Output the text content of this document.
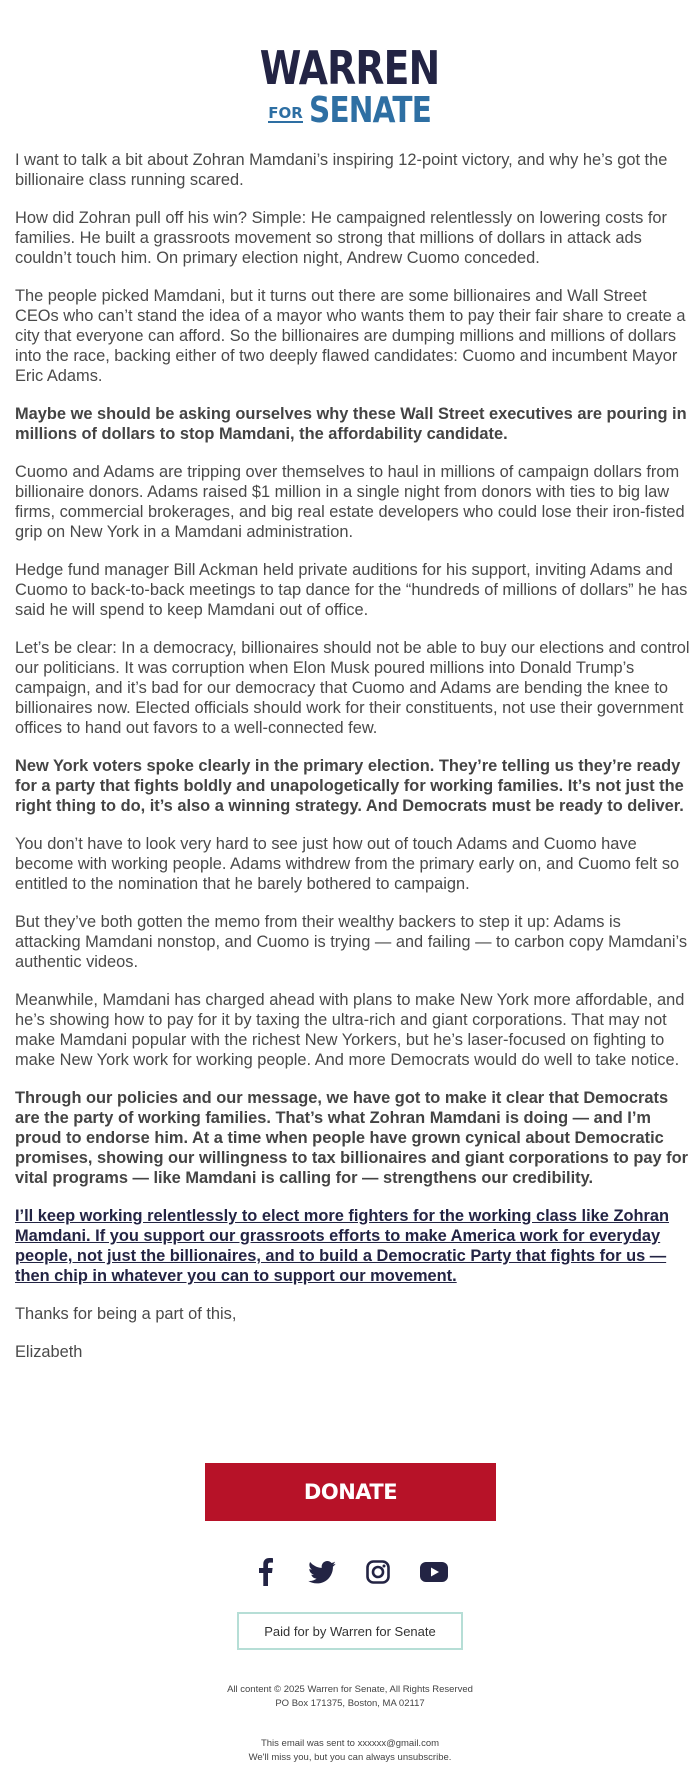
WARREN
FOR SENATE

I want to talk a bit about Zohran Mamdani’s inspiring 12-point victory, and why he’s got the billionaire class running scared.

How did Zohran pull off his win? Simple: He campaigned relentlessly on lowering costs for families. He built a grassroots movement so strong that millions of dollars in attack ads couldn’t touch him. On primary election night, Andrew Cuomo conceded.

The people picked Mamdani, but it turns out there are some billionaires and Wall Street CEOs who can’t stand the idea of a mayor who wants them to pay their fair share to create a city that everyone can afford. So the billionaires are dumping millions and millions of dollars into the race, backing either of two deeply flawed candidates: Cuomo and incumbent Mayor Eric Adams.

Maybe we should be asking ourselves why these Wall Street executives are pouring in millions of dollars to stop Mamdani, the affordability candidate.

Cuomo and Adams are tripping over themselves to haul in millions of campaign dollars from billionaire donors. Adams raised $1 million in a single night from donors with ties to big law firms, commercial brokerages, and big real estate developers who could lose their iron-fisted grip on New York in a Mamdani administration.

Hedge fund manager Bill Ackman held private auditions for his support, inviting Adams and Cuomo to back-to-back meetings to tap dance for the “hundreds of millions of dollars” he has said he will spend to keep Mamdani out of office.

Let’s be clear: In a democracy, billionaires should not be able to buy our elections and control our politicians. It was corruption when Elon Musk poured millions into Donald Trump’s campaign, and it’s bad for our democracy that Cuomo and Adams are bending the knee to billionaires now. Elected officials should work for their constituents, not use their government offices to hand out favors to a well-connected few.

New York voters spoke clearly in the primary election. They’re telling us they’re ready for a party that fights boldly and unapologetically for working families. It’s not just the right thing to do, it’s also a winning strategy. And Democrats must be ready to deliver.

You don’t have to look very hard to see just how out of touch Adams and Cuomo have become with working people. Adams withdrew from the primary early on, and Cuomo felt so entitled to the nomination that he barely bothered to campaign.

But they’ve both gotten the memo from their wealthy backers to step it up: Adams is attacking Mamdani nonstop, and Cuomo is trying — and failing — to carbon copy Mamdani’s authentic videos.

Meanwhile, Mamdani has charged ahead with plans to make New York more affordable, and he’s showing how to pay for it by taxing the ultra-rich and giant corporations. That may not make Mamdani popular with the richest New Yorkers, but he’s laser-focused on fighting to make New York work for working people. And more Democrats would do well to take notice.

Through our policies and our message, we have got to make it clear that Democrats are the party of working families. That’s what Zohran Mamdani is doing — and I’m proud to endorse him. At a time when people have grown cynical about Democratic promises, showing our willingness to tax billionaires and giant corporations to pay for vital programs — like Mamdani is calling for — strengthens our credibility.

I’ll keep working relentlessly to elect more fighters for the working class like Zohran Mamdani. If you support our grassroots efforts to make America work for everyday people, not just the billionaires, and to build a Democratic Party that fights for us — then chip in whatever you can to support our movement.

Thanks for being a part of this,

Elizabeth

DONATE
Paid for by Warren for Senate
All content © 2025 Warren for Senate, All Rights Reserved
PO Box 171375, Boston, MA 02117
This email was sent to xxxxxx@gmail.com
We'll miss you, but you can always unsubscribe.
